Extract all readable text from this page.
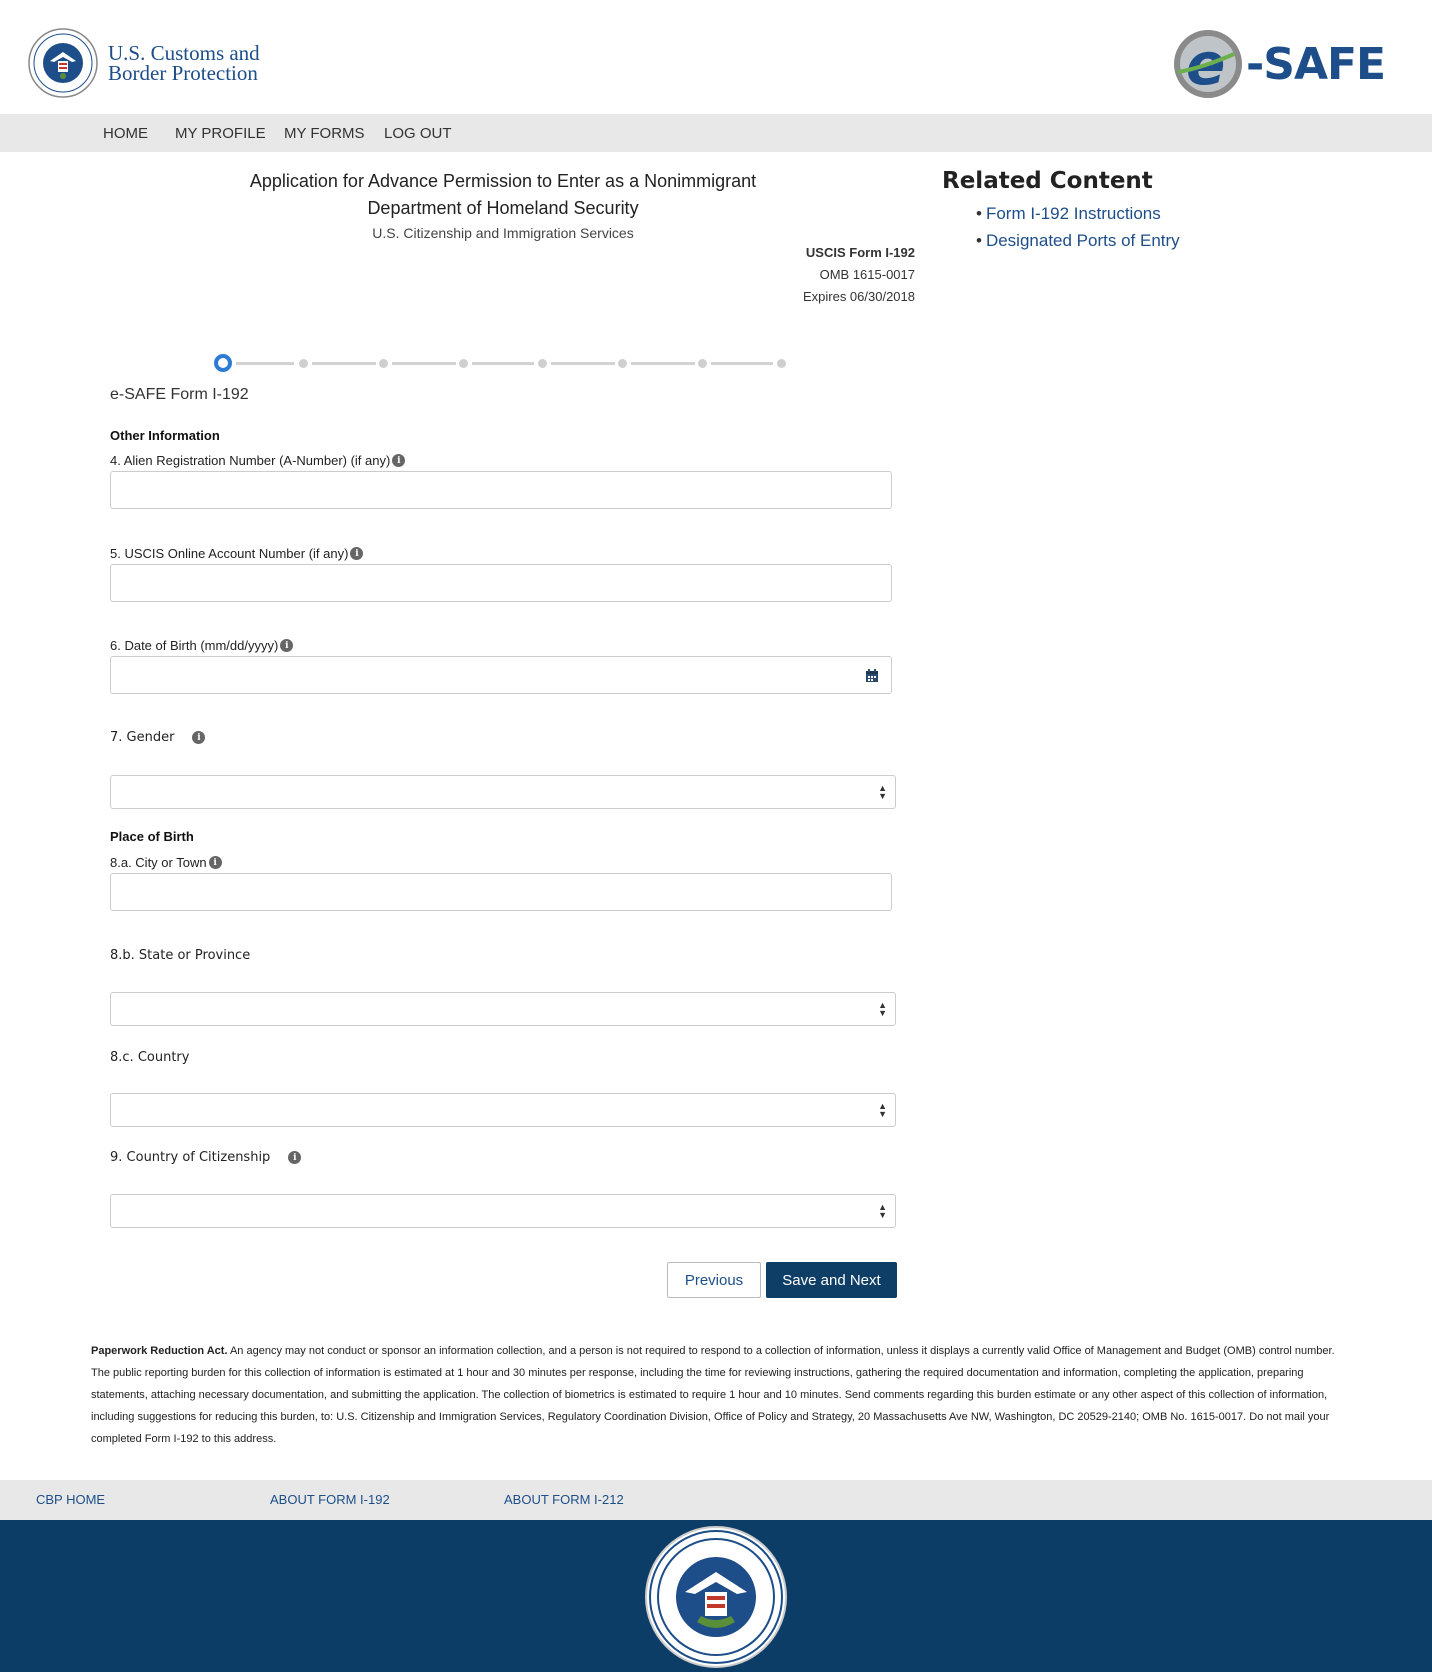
U.S. Customs and
Border Protection	e -SAFE
HOME MY PROFILE MY FORMS LOG OUT
Application for Advance Permission to Enter as a Nonimmigrant
Department of Homeland Security
U.S. Citizenship and Immigration Services
USCIS Form I-192
OMB 1615-0017
Expires 06/30/2018
Related Content
• Form I-192 Instructions
• Designated Ports of Entry
e-SAFE Form I-192
Other Information
4. Alien Registration Number (A-Number) (if any) i
5. USCIS Online Account Number (if any) i
6. Date of Birth (mm/dd/yyyy) i
7. Gender	i
▲
▼
Place of Birth
8.a. City or Town i
8.b. State or Province
▲
▼
8.c. Country
▲
▼
9. Country of Citizenship	i
▲
▼
Previous	Save and Next
Paperwork Reduction Act. An agency may not conduct or sponsor an information collection, and a person is not required to respond to a collection of information, unless it displays a currently valid Office of Management and Budget (OMB) control number. The public reporting burden for this collection of information is estimated at 1 hour and 30 minutes per response, including the time for reviewing instructions, gathering the required documentation and information, completing the application, preparing statements, attaching necessary documentation, and submitting the application. The collection of biometrics is estimated to require 1 hour and 10 minutes. Send comments regarding this burden estimate or any other aspect of this collection of information, including suggestions for reducing this burden, to: U.S. Citizenship and Immigration Services, Regulatory Coordination Division, Office of Policy and Strategy, 20 Massachusetts Ave NW, Washington, DC 20529-2140; OMB No. 1615-0017. Do not mail your completed Form I-192 to this address.
CBP HOME	ABOUT FORM I-192	ABOUT FORM I-212
